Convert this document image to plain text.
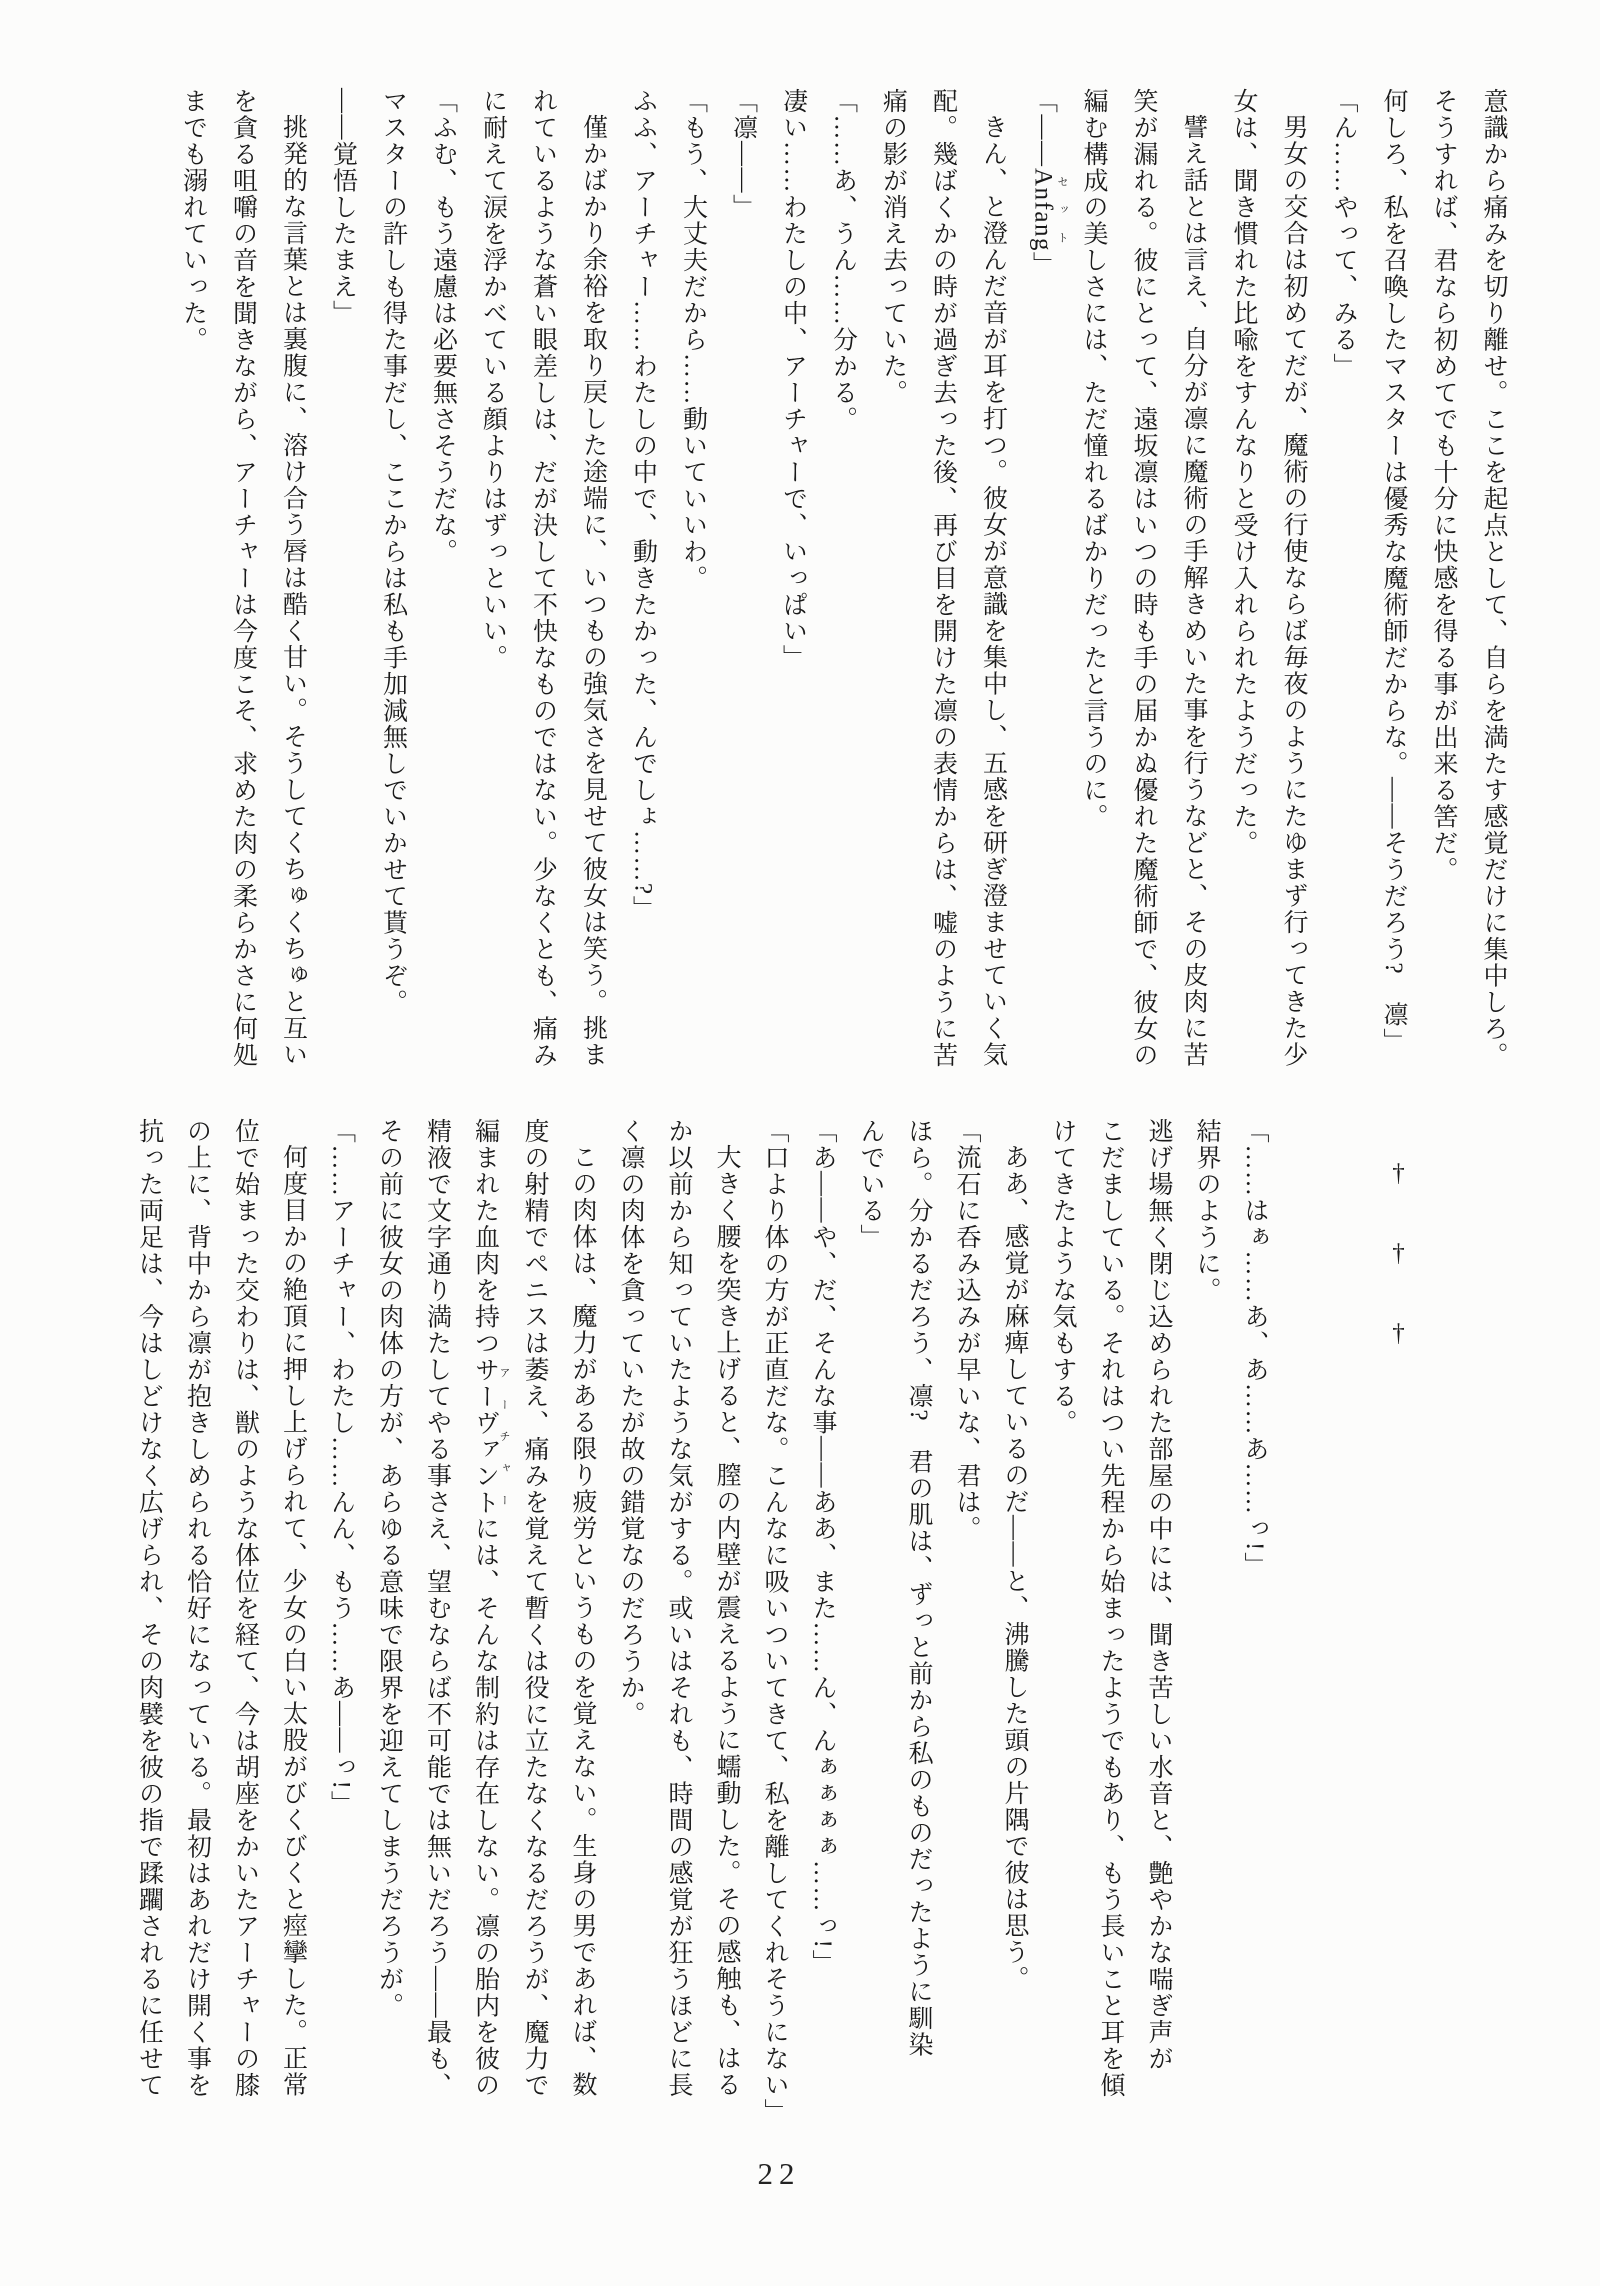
意識から痛みを切り離せ。ここを起点として、自らを満たす感覚だけに集中しろ。

そうすれば、君なら初めてでも十分に快感を得る事が出来る筈だ。

何しろ、私を召喚したマスターは優秀な魔術師だからな。――そうだろう?　凛」

「ん……やって、みる」

男女の交合は初めてだが、魔術の行使ならば毎夜のようにたゆまず行ってきた少

女は、聞き慣れた比喩をすんなりと受け入れられたようだった。

譬え話とは言え、自分が凛に魔術の手解きめいた事を行うなどと、その皮肉に苦

笑が漏れる。彼にとって、遠坂凛はいつの時も手の届かぬ優れた魔術師で、彼女の

編む構成の美しさには、ただ憧れるばかりだったと言うのに。

「――Anfang セット」

きん、と澄んだ音が耳を打つ。彼女が意識を集中し、五感を研ぎ澄ませていく気

配。幾ばくかの時が過ぎ去った後、再び目を開けた凛の表情からは、嘘のように苦

痛の影が消え去っていた。

「……あ、うん……分かる。

凄い……わたしの中、アーチャーで、いっぱい」

「凛――」

「もう、大丈夫だから……動いていいわ。

ふふ、アーチャー……わたしの中で、動きたかった、んでしょ……?」

僅かばかり余裕を取り戻した途端に、いつもの強気さを見せて彼女は笑う。挑ま

れているような蒼い眼差しは、だが決して不快なものではない。少なくとも、痛み

に耐えて涙を浮かべている顔よりはずっといい。

「ふむ、もう遠慮は必要無さそうだな。

マスターの許しも得た事だし、ここからは私も手加減無しでいかせて貰うぞ。

――覚悟したまえ」

挑発的な言葉とは裏腹に、溶け合う唇は酷く甘い。そうしてくちゅくちゅと互い

を貪る咀嚼の音を聞きながら、アーチャーは今度こそ、求めた肉の柔らかさに何処

までも溺れていった。

†　†　†

「……はぁ……あ、あ……あ……っ!」

結界のように。

逃げ場無く閉じ込められた部屋の中には、聞き苦しい水音と、艶やかな喘ぎ声が

こだましている。それはつい先程から始まったようでもあり、もう長いこと耳を傾

けてきたような気もする。

ああ、感覚が麻痺しているのだ――と、沸騰した頭の片隅で彼は思う。

「流石に呑み込みが早いな、君は。

ほら。分かるだろう、凛?　君の肌は、ずっと前から私のものだったように馴染

んでいる」

「あ――や、だ、そんな事――ああ、また……ん、んぁぁぁぁ……っ!」

「口より体の方が正直だな。こんなに吸いついてきて、私を離してくれそうにない」

大きく腰を突き上げると、膣の内壁が震えるように蠕動した。その感触も、はる

か以前から知っていたような気がする。或いはそれも、時間の感覚が狂うほどに長

く凛の肉体を貪っていたが故の錯覚なのだろうか。

この肉体は、魔力がある限り疲労というものを覚えない。生身の男であれば、数

度の射精でペニスは萎え、痛みを覚えて暫くは役に立たなくなるだろうが、魔力で

編まれた血肉を持つサーヴァント アーチャーには、そんな制約は存在しない。凛の胎内を彼の

精液で文字通り満たしてやる事さえ、望むならば不可能では無いだろう――最も、

その前に彼女の肉体の方が、あらゆる意味で限界を迎えてしまうだろうが。

「……アーチャー、わたし……んん、もう……あ――っ!」

何度目かの絶頂に押し上げられて、少女の白い太股がびくびくと痙攣した。正常

位で始まった交わりは、獣のような体位を経て、今は胡座をかいたアーチャーの膝

の上に、背中から凛が抱きしめられる恰好になっている。最初はあれだけ開く事を

抗った両足は、今はしどけなく広げられ、その肉襞を彼の指で蹂躙されるに任せて

22
